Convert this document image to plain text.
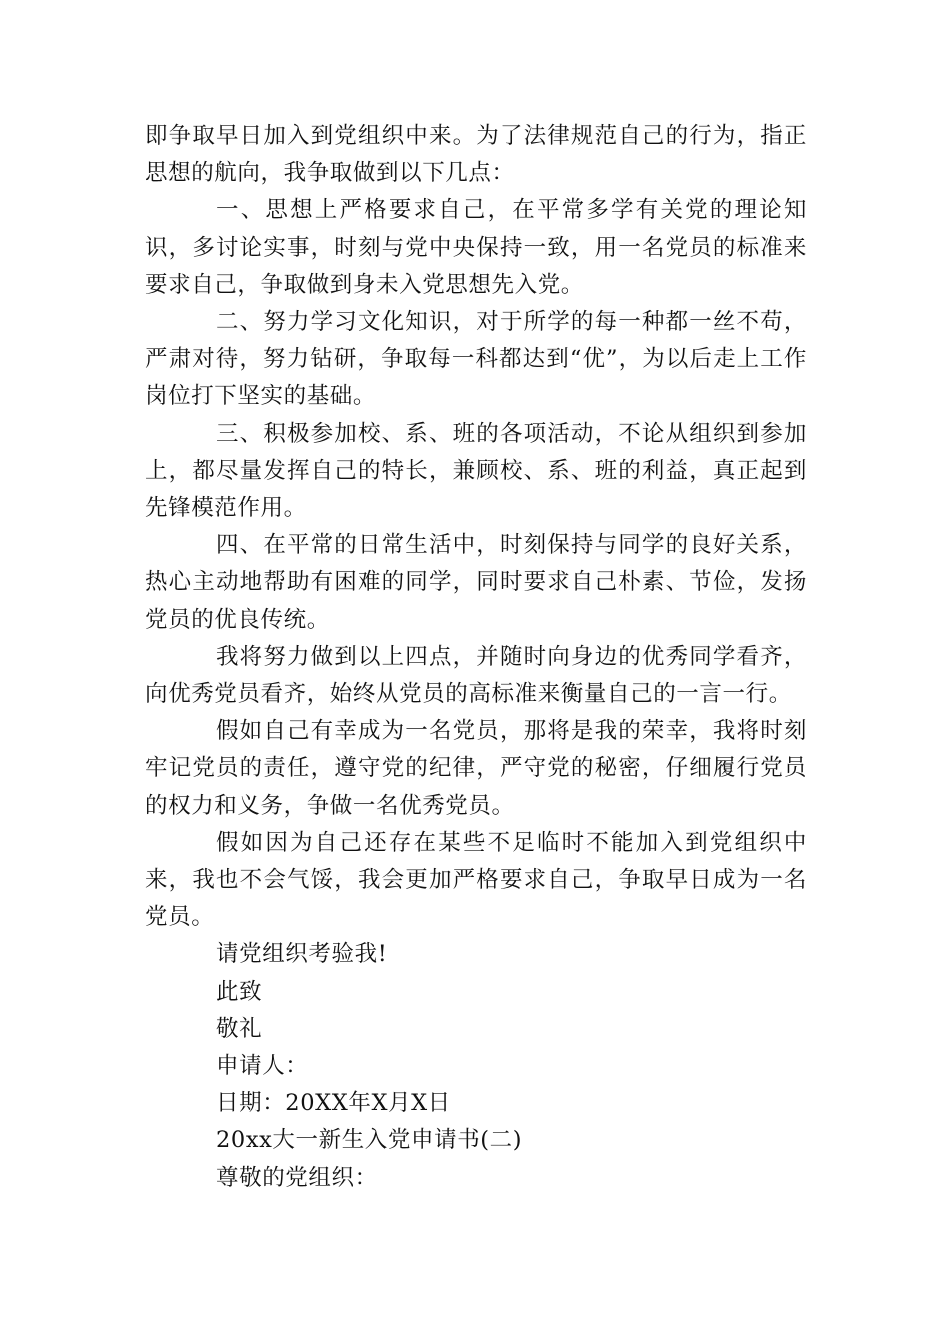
即争取早日加入到党组织中来。为了法律规范自己的行为，指正思想的航向，我争取做到以下几点：

一、思想上严格要求自己，在平常多学有关党的理论知识，多讨论实事，时刻与党中央保持一致，用一名党员的标准来要求自己，争取做到身未入党思想先入党。

二、努力学习文化知识，对于所学的每一种都一丝不苟，严肃对待，努力钻研，争取每一科都达到“优”，为以后走上工作岗位打下坚实的基础。

三、积极参加校、系、班的各项活动，不论从组织到参加上，都尽量发挥自己的特长，兼顾校、系、班的利益，真正起到先锋模范作用。

四、在平常的日常生活中，时刻保持与同学的良好关系，热心主动地帮助有困难的同学，同时要求自己朴素、节俭，发扬党员的优良传统。

我将努力做到以上四点，并随时向身边的优秀同学看齐，向优秀党员看齐，始终从党员的高标准来衡量自己的一言一行。

假如自己有幸成为一名党员，那将是我的荣幸，我将时刻牢记党员的责任，遵守党的纪律，严守党的秘密，仔细履行党员的权力和义务，争做一名优秀党员。

假如因为自己还存在某些不足临时不能加入到党组织中来，我也不会气馁，我会更加严格要求自己，争取早日成为一名党员。

请党组织考验我!

此致

敬礼

申请人：

日期：20XX年X月X日

20xx大一新生入党申请书(二)

尊敬的党组织：
